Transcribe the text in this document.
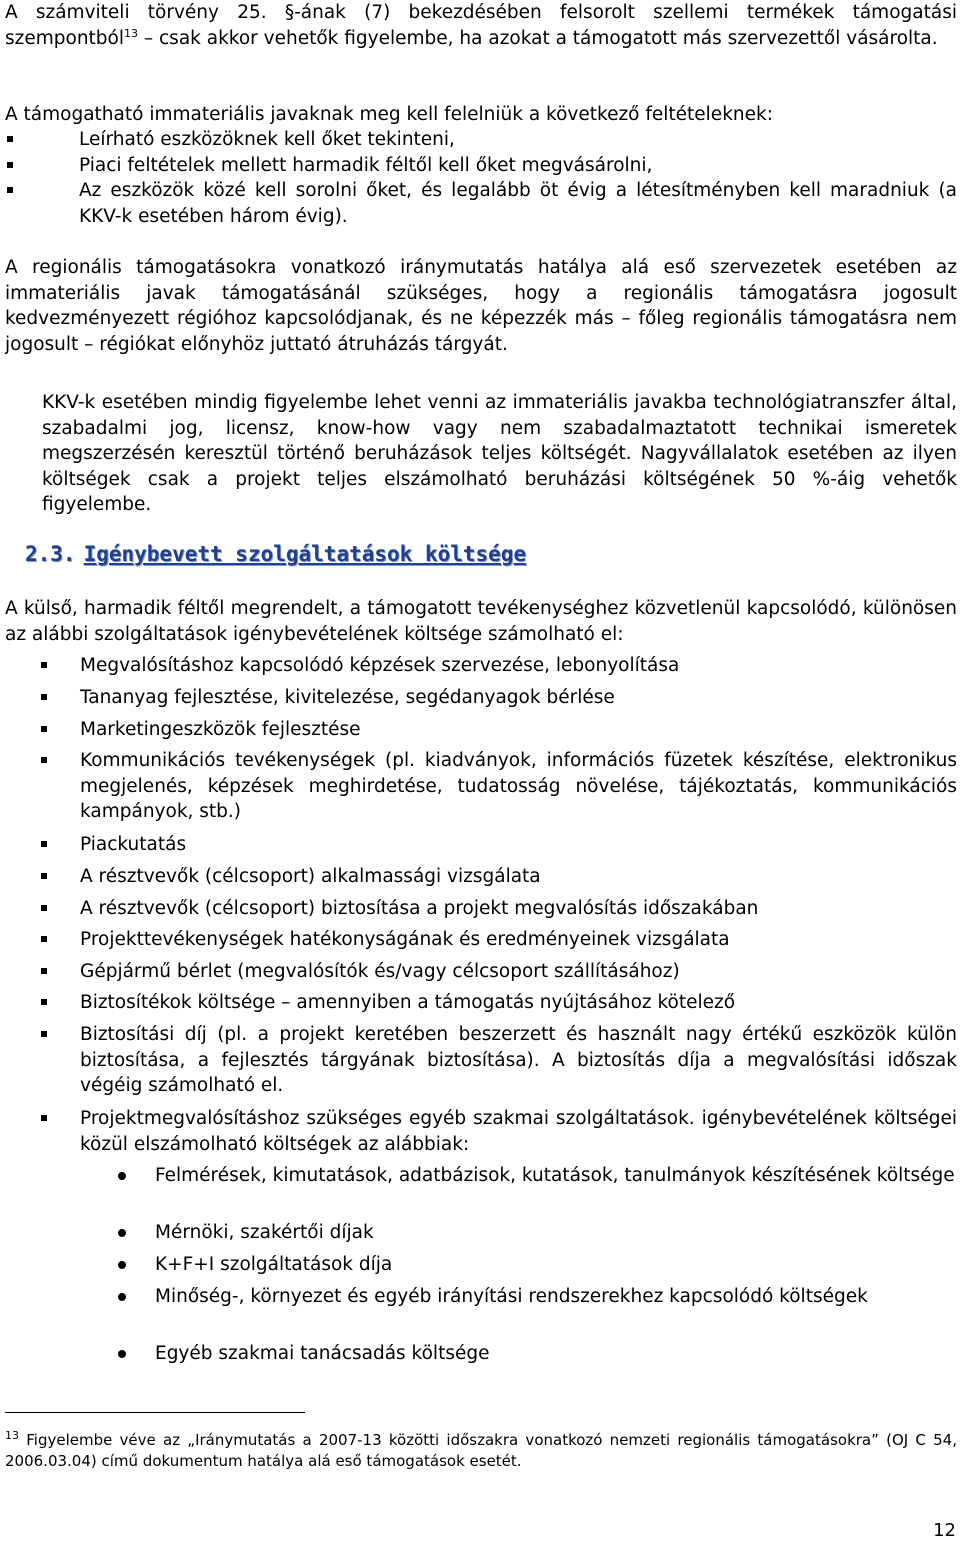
A számviteli törvény 25. §-ának (7) bekezdésében felsorolt szellemi termékek támogatási szempontból$^{13}$ – csak akkor vehetők figyelembe, ha azokat a támogatott más szervezettől vásárolta.
A támogatható immateriális javaknak meg kell felelniük a következő feltételeknek:
Leírható eszközöknek kell őket tekinteni,
Piaci feltételek mellett harmadik féltől kell őket megvásárolni,
Az eszközök közé kell sorolni őket, és legalább öt évig a létesítményben kell maradniuk (a KKV-k esetében három évig).
A regionális támogatásokra vonatkozó iránymutatás hatálya alá eső szervezetek esetében az immateriális javak támogatásánál szükséges, hogy a regionális támogatásra jogosult kedvezményezett régióhoz kapcsolódjanak, és ne képezzék más – főleg regionális támogatásra nem jogosult – régiókat előnyhöz juttató átruházás tárgyát.
KKV-k esetében mindig figyelembe lehet venni az immateriális javakba technológiatranszfer által, szabadalmi jog, licensz, know-how vagy nem szabadalmaztatott technikai ismeretek megszerzésén keresztül történő beruházások teljes költségét. Nagyvállalatok esetében az ilyen költségek csak a projekt teljes elszámolható beruházási költségének 50 %-áig vehetők figyelembe.
2.3. Igénybevett szolgáltatások költsége
A külső, harmadik féltől megrendelt, a támogatott tevékenységhez közvetlenül kapcsolódó, különösen az alábbi szolgáltatások igénybevételének költsége számolható el:
Megvalósításhoz kapcsolódó képzések szervezése, lebonyolítása
Tananyag fejlesztése, kivitelezése, segédanyagok bérlése
Marketingeszközök fejlesztése
Kommunikációs tevékenységek (pl. kiadványok, információs füzetek készítése, elektronikus megjelenés, képzések meghirdetése, tudatosság növelése, tájékoztatás, kommunikációs kampányok, stb.)
Piackutatás
A résztvevők (célcsoport) alkalmassági vizsgálata
A résztvevők (célcsoport) biztosítása a projekt megvalósítás időszakában
Projekttevékenységek hatékonyságának és eredményeinek vizsgálata
Gépjármű bérlet (megvalósítók és/vagy célcsoport szállításához)
Biztosítékok költsége – amennyiben a támogatás nyújtásához kötelező
Biztosítási díj (pl. a projekt keretében beszerzett és használt nagy értékű eszközök külön biztosítása, a fejlesztés tárgyának biztosítása). A biztosítás díja a megvalósítási időszak végéig számolható el.
Projektmegvalósításhoz szükséges egyéb szakmai szolgáltatások. igénybevételének költségei közül elszámolható költségek az alábbiak:
Felmérések, kimutatások, adatbázisok, kutatások, tanulmányok készítésének költsége
Mérnöki, szakértői díjak
K+F+I szolgáltatások díja
Minőség-, környezet és egyéb irányítási rendszerekhez kapcsolódó költségek
Egyéb szakmai tanácsadás költsége
$^{13}$ Figyelembe véve az „Iránymutatás a 2007-13 közötti időszakra vonatkozó nemzeti regionális támogatásokra” (OJ C 54, 2006.03.04) című dokumentum hatálya alá eső támogatások esetét.
12
